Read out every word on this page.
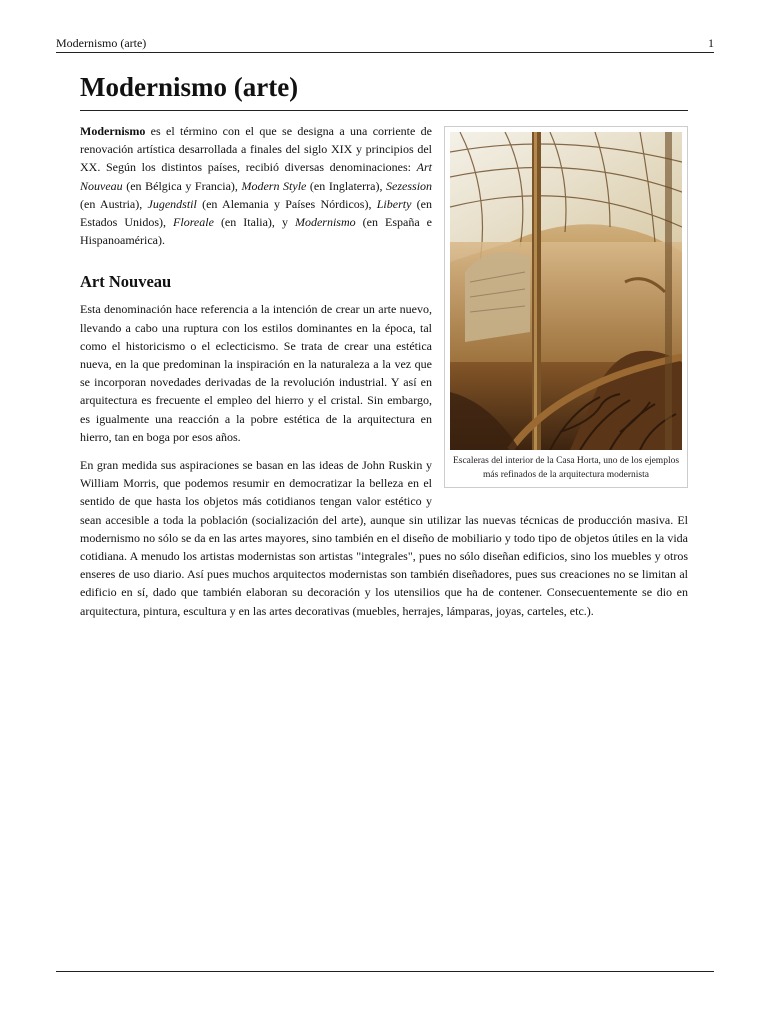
Modernismo (arte)	1
Modernismo (arte)
Escaleras del interior de la Casa Horta, uno de los ejemplos más refinados de la arquitectura modernista

Modernismo es el término con el que se designa a una corriente de renovación artística desarrollada a finales del siglo XIX y principios del XX. Según los distintos países, recibió diversas denominaciones: Art Nouveau (en Bélgica y Francia), Modern Style (en Inglaterra), Sezession (en Austria), Jugendstil (en Alemania y Países Nórdicos), Liberty (en Estados Unidos), Floreale (en Italia), y Modernismo (en España e Hispanoamérica).

Art Nouveau

Esta denominación hace referencia a la intención de crear un arte nuevo, llevando a cabo una ruptura con los estilos dominantes en la época, tal como el historicismo o el eclecticismo. Se trata de crear una estética nueva, en la que predominan la inspiración en la naturaleza a la vez que se incorporan novedades derivadas de la revolución industrial. Y así en arquitectura es frecuente el empleo del hierro y el cristal. Sin embargo, es igualmente una reacción a la pobre estética de la arquitectura en hierro, tan en boga por esos años.

En gran medida sus aspiraciones se basan en las ideas de John Ruskin y William Morris, que podemos resumir en democratizar la belleza en el sentido de que hasta los objetos más cotidianos tengan valor estético y sean accesible a toda la población (socialización del arte), aunque sin utilizar las nuevas técnicas de producción masiva. El modernismo no sólo se da en las artes mayores, sino también en el diseño de mobiliario y todo tipo de objetos útiles en la vida cotidiana. A menudo los artistas modernistas son artistas "integrales", pues no sólo diseñan edificios, sino los muebles y otros enseres de uso diario. Así pues muchos arquitectos modernistas son también diseñadores, pues sus creaciones no se limitan al edificio en sí, dado que también elaboran su decoración y los utensilios que ha de contener. Consecuentemente se dio en arquitectura, pintura, escultura y en las artes decorativas (muebles, herrajes, lámparas, joyas, carteles, etc.).
